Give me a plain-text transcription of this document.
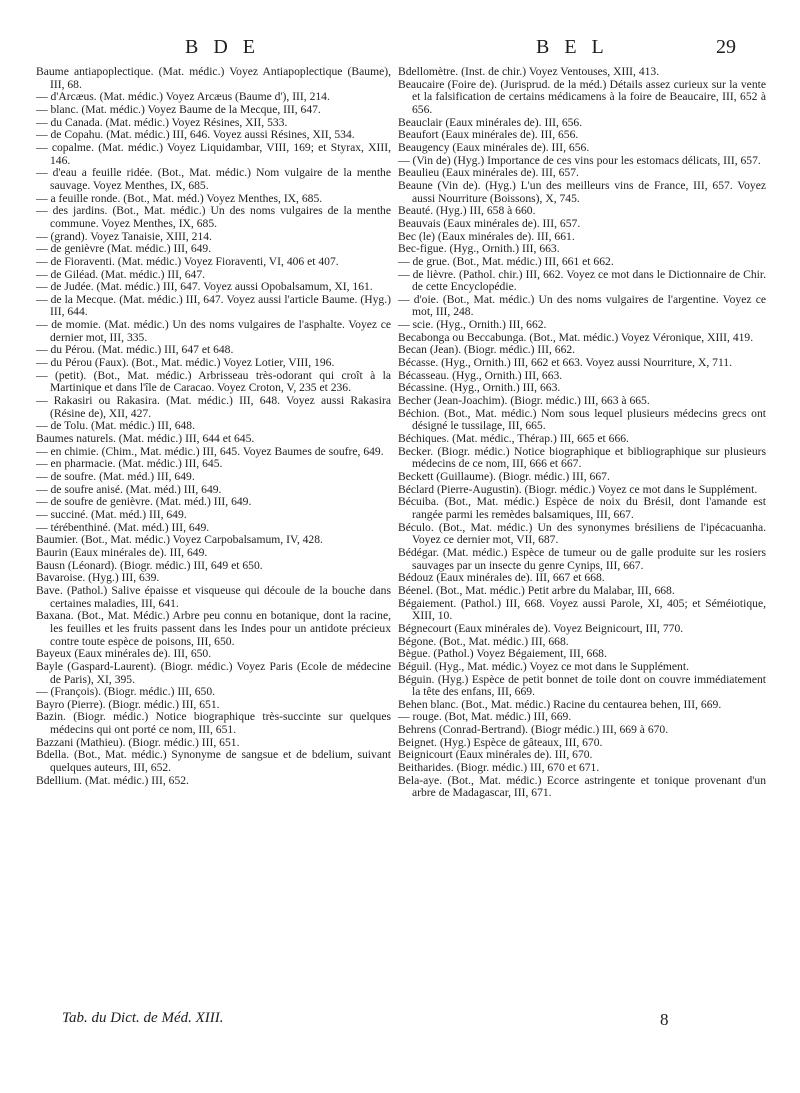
B D E	B E L	29
Baume antiapoplectique. (Mat. médic.) Voyez Antiapoplectique (Baume), III, 68.
— d'Arcæus. (Mat. médic.) Voyez Arcæus (Baume d'), III, 214.
— blanc. (Mat. médic.) Voyez Baume de la Mecque, III, 647.
— du Canada. (Mat. médic.) Voyez Résines, XII, 533.
— de Copahu. (Mat. médic.) III, 646. Voyez aussi Résines, XII, 534.
— copalme. (Mat. médic.) Voyez Liquidambar, VIII, 169; et Styrax, XIII, 146.
— d'eau a feuille ridée. (Bot., Mat. médic.) Nom vulgaire de la menthe sauvage. Voyez Menthes, IX, 685.
— a feuille ronde. (Bot., Mat. méd.) Voyez Menthes, IX, 685.
— des jardins. (Bot., Mat. médic.) Un des noms vulgaires de la menthe commune. Voyez Menthes, IX, 685.
— (grand). Voyez Tanaisie, XIII, 214.
— de genièvre (Mat. médic.) III, 649.
— de Fioraventi. (Mat. médic.) Voyez Fioraventi, VI, 406 et 407.
— de Giléad. (Mat. médic.) III, 647.
— de Judée. (Mat. médic.) III, 647. Voyez aussi Opobalsamum, XI, 161.
— de la Mecque. (Mat. médic.) III, 647. Voyez aussi l'article Baume. (Hyg.) III, 644.
— de momie. (Mat. médic.) Un des noms vulgaires de l'asphalte. Voyez ce dernier mot, III, 335.
— du Pérou. (Mat. médic.) III, 647 et 648.
— du Pérou (Faux). (Bot., Mat. médic.) Voyez Lotier, VIII, 196.
— (petit). (Bot., Mat. médic.) Arbrisseau très-odorant qui croît à la Martinique et dans l'île de Caracao. Voyez Croton, V, 235 et 236.
— Rakasiri ou Rakasira. (Mat. médic.) III, 648. Voyez aussi Rakasira (Résine de), XII, 427.
— de Tolu. (Mat. médic.) III, 648.
Baumes naturels. (Mat. médic.) III, 644 et 645.
— en chimie. (Chim., Mat. médic.) III, 645. Voyez Baumes de soufre, 649.
— en pharmacie. (Mat. médic.) III, 645.
— de soufre. (Mat. méd.) III, 649.
— de soufre anisé. (Mat. méd.) III, 649.
— de soufre de genièvre. (Mat. méd.) III, 649.
— succiné. (Mat. méd.) III, 649.
— térébenthiné. (Mat. méd.) III, 649.
Baumier. (Bot., Mat. médic.) Voyez Carpobalsamum, IV, 428.
Baurin (Eaux minérales de). III, 649.
Bausn (Léonard). (Biogr. médic.) III, 649 et 650.
Bavaroise. (Hyg.) III, 639.
Bave. (Pathol.) Salive épaisse et visqueuse qui découle de la bouche dans certaines maladies, III, 641.
Baxana. (Bot., Mat. Médic.) Arbre peu connu en botanique, dont la racine, les feuilles et les fruits passent dans les Indes pour un antidote précieux contre toute espèce de poisons, III, 650.
Bayeux (Eaux minérales de). III, 650.
Bayle (Gaspard-Laurent). (Biogr. médic.) Voyez Paris (Ecole de médecine de Paris), XI, 395.
— (François). (Biogr. médic.) III, 650.
Bayro (Pierre). (Biogr. médic.) III, 651.
Bazin. (Biogr. médic.) Notice biographique très-succinte sur quelques médecins qui ont porté ce nom, III, 651.
Bazzani (Mathieu). (Biogr. médic.) III, 651.
Bdella. (Bot., Mat. médic.) Synonyme de sangsue et de bdelium, suivant quelques auteurs, III, 652.
Bdellium. (Mat. médic.) III, 652.
Bdellomètre. (Inst. de chir.) Voyez Ventouses, XIII, 413.
Beaucaire (Foire de). (Jurisprud. de la méd.) Détails assez curieux sur la vente et la falsification de certains médicamens à la foire de Beaucaire, III, 652 à 656.
Beauclair (Eaux minérales de). III, 656.
Beaufort (Eaux minérales de). III, 656.
Beaugency (Eaux minérales de). III, 656.
— (Vin de) (Hyg.) Importance de ces vins pour les estomacs délicats, III, 657.
Beaulieu (Eaux minérales de). III, 657.
Beaune (Vin de). (Hyg.) L'un des meilleurs vins de France, III, 657. Voyez aussi Nourriture (Boissons), X, 745.
Beauté. (Hyg.) III, 658 à 660.
Beauvais (Eaux minérales de). III, 657.
Bec (le) (Eaux minérales de). III, 661.
Bec-figue. (Hyg., Ornith.) III, 663.
— de grue. (Bot., Mat. médic.) III, 661 et 662.
— de lièvre. (Pathol. chir.) III, 662. Voyez ce mot dans le Dictionnaire de Chir. de cette Encyclopédie.
— d'oie. (Bot., Mat. médic.) Un des noms vulgaires de l'argentine. Voyez ce mot, III, 248.
— scie. (Hyg., Ornith.) III, 662.
Becabonga ou Beccabunga. (Bot., Mat. médic.) Voyez Véronique, XIII, 419.
Becan (Jean). (Biogr. médic.) III, 662.
Bécasse. (Hyg., Ornith.) III, 662 et 663. Voyez aussi Nourriture, X, 711.
Bécasseau. (Hyg., Ornith.) III, 663.
Bécassine. (Hyg., Ornith.) III, 663.
Becher (Jean-Joachim). (Biogr. médic.) III, 663 à 665.
Béchion. (Bot., Mat. médic.) Nom sous lequel plusieurs médecins grecs ont désigné le tussilage, III, 665.
Béchiques. (Mat. médic., Thérap.) III, 665 et 666.
Becker. (Biogr. médic.) Notice biographique et bibliographique sur plusieurs médecins de ce nom, III, 666 et 667.
Beckett (Guillaume). (Biogr. médic.) III, 667.
Béclard (Pierre-Augustin). (Biogr. médic.) Voyez ce mot dans le Supplément.
Bécuiba. (Bot., Mat. médic.) Espèce de noix du Brésil, dont l'amande est rangée parmi les remèdes balsamiques, III, 667.
Béculo. (Bot., Mat. médic.) Un des synonymes brésiliens de l'ipécacuanha. Voyez ce dernier mot, VII, 687.
Bédégar. (Mat. médic.) Espèce de tumeur ou de galle produite sur les rosiers sauvages par un insecte du genre Cynips, III, 667.
Bédouz (Eaux minérales de). III, 667 et 668.
Béenel. (Bot., Mat. médic.) Petit arbre du Malabar, III, 668.
Bégaiement. (Pathol.) III, 668. Voyez aussi Parole, XI, 405; et Séméiotique, XIII, 10.
Bégnecourt (Eaux minérales de). Voyez Beignicourt, III, 770.
Bégone. (Bot., Mat. médic.) III, 668.
Bègue. (Pathol.) Voyez Bégaiement, III, 668.
Béguil. (Hyg., Mat. médic.) Voyez ce mot dans le Supplément.
Béguin. (Hyg.) Espèce de petit bonnet de toile dont on couvre immédiatement la tête des enfans, III, 669.
Behen blanc. (Bot., Mat. médic.) Racine du centaurea behen, III, 669.
— rouge. (Bot, Mat. médic.) III, 669.
Behrens (Conrad-Bertrand). (Biogr médic.) III, 669 à 670.
Beignet. (Hyg.) Espèce de gâteaux, III, 670.
Beignicourt (Eaux minérales de). III, 670.
Beitharides. (Biogr. médic.) III, 670 et 671.
Bela-aye. (Bot., Mat. médic.) Ecorce astringente et tonique provenant d'un arbre de Madagascar, III, 671.
Tab. du Dict. de Méd. XIII.	8
